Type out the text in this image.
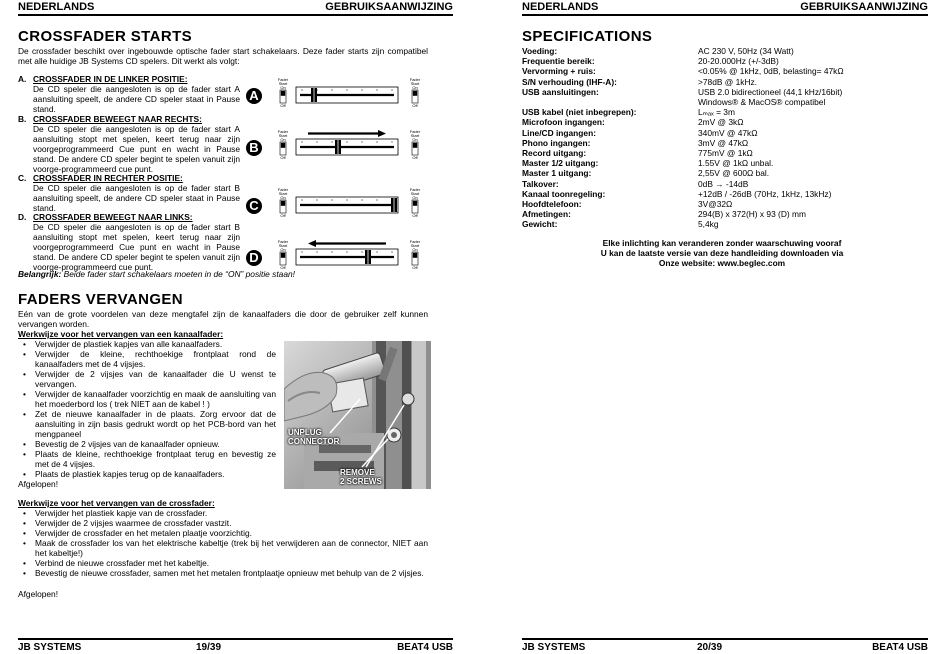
NEDERLANDS	GEBRUIKSAANWIJZING
CROSSFADER STARTS
De crossfader beschikt over ingebouwde optische fader start schakelaars. Deze fader starts zijn compatibel met alle huidige JB Systems CD spelers. Dit werkt als volgt:
A. CROSSFADER IN DE LINKER POSITIE:
De CD speler die aangesloten is op de fader start A aansluiting speelt, de andere CD speler staat in Pause stand.
B. CROSSFADER BEWEEGT NAAR RECHTS:
De CD speler die aangesloten is op de fader start A aansluiting stopt met spelen, keert terug naar zijn voorgeprogrammeerd Cue punt en wacht in Pause stand. De andere CD speler begint te spelen vanuit zijn voorge-programmeerd cue punt.
C. CROSSFADER IN RECHTER POSITIE:
De CD speler die aangesloten is op de fader start B aansluiting speelt, de andere CD speler staat in Pause stand.
D. CROSSFADER BEWEEGT NAAR LINKS:
De CD speler die aangesloten is op de fader start B aansluiting stopt met spelen, keert terug naar zijn voorgeprogrammeerd Cue punt en wacht in Pause stand. De andere CD speler begint te spelen vanuit zijn voorge-programmeerd cue punt.
Fader
Start
On
Off
Fader
Start
On
Off
A
Fader
Start
On
Off
Fader
Start
On
Off
B
Fader
Start
On
Off
Fader
Start
On
Off
C
Fader
Start
On
Off
Fader
Start
On
Off
D
Belangrijk: Beide fader start schakelaars moeten in de “ON” positie staan!
FADERS VERVANGEN
Eén van de grote voordelen van deze mengtafel zijn de kanaalfaders die door de gebruiker zelf kunnen vervangen worden.
Werkwijze voor het vervangen van een kanaalfader:
• Verwijder de plastiek kapjes van alle kanaalfaders.
• Verwijder de kleine, rechthoekige frontplaat rond de kanaalfaders met de 4 vijsjes.
• Verwijder de 2 vijsjes van de kanaalfader die U wenst te vervangen.
• Verwijder de kanaalfader voorzichtig en maak de aansluiting van het moederbord los ( trek NIET aan de kabel ! )
• Zet de nieuwe kanaalfader in de plaats. Zorg ervoor dat de aansluiting in zijn basis gedrukt wordt op het PCB-bord van het mengpaneel
• Bevestig de 2 vijsjes van de kanaalfader opnieuw.
• Plaats de kleine, rechthoekige frontplaat terug en bevestig ze met de 4 vijsjes.
• Plaats de plastiek kapjes terug op de kanaalfaders.
Afgelopen!
UNPLUG
CONNECTOR
REMOVE
2 SCREWS
Werkwijze voor het vervangen van de crossfader:
• Verwijder het plastiek kapje van de crossfader.
• Verwijder de 2 vijsjes waarmee de crossfader vastzit.
• Verwijder de crossfader en het metalen plaatje voorzichtig.
• Maak de crossfader los van het elektrische kabeltje (trek bij het verwijderen aan de connector, NIET aan het kabeltje!)
• Verbind de nieuwe crossfader met het kabeltje.
• Bevestig de nieuwe crossfader, samen met het metalen frontplaatje opnieuw met behulp van de 2 vijsjes.
Afgelopen!
JB SYSTEMS	19/39	BEAT4 USB
NEDERLANDS	GEBRUIKSAANWIJZING
SPECIFICATIONS
Voeding:	AC 230 V, 50Hz (34 Watt)
Frequentie bereik:	20-20.000Hz (+/-3dB)
Vervorming + ruis:	<0.05% @ 1kHz, 0dB, belasting= 47kΩ
S/N verhouding (IHF-A):	>78dB @ 1kHz.
USB aansluitingen:	USB 2.0 bidirectioneel (44,1 kHz/16bit)
Windows® & MacOS® compatibel
USB kabel (niet inbegrepen):	Lₘₐₓ = 3m
Microfoon ingangen:	2mV @ 3kΩ
Line/CD ingangen:	340mV @ 47kΩ
Phono ingangen:	3mV @ 47kΩ
Record uitgang:	775mV @ 1kΩ
Master 1/2 uitgang:	1.55V @ 1kΩ unbal.
Master 1 uitgang:	2,55V @ 600Ω bal.
Talkover:	0dB → -14dB
Kanaal toonregeling:	+12dB / -26dB (70Hz, 1kHz, 13kHz)
Hoofdtelefoon:	3V@32Ω
Afmetingen:	294(B) x 372(H) x 93 (D) mm
Gewicht:	5,4kg
Elke inlichting kan veranderen zonder waarschuwing vooraf
U kan de laatste versie van deze handleiding downloaden via
Onze website: www.beglec.com
JB SYSTEMS	20/39	BEAT4 USB
